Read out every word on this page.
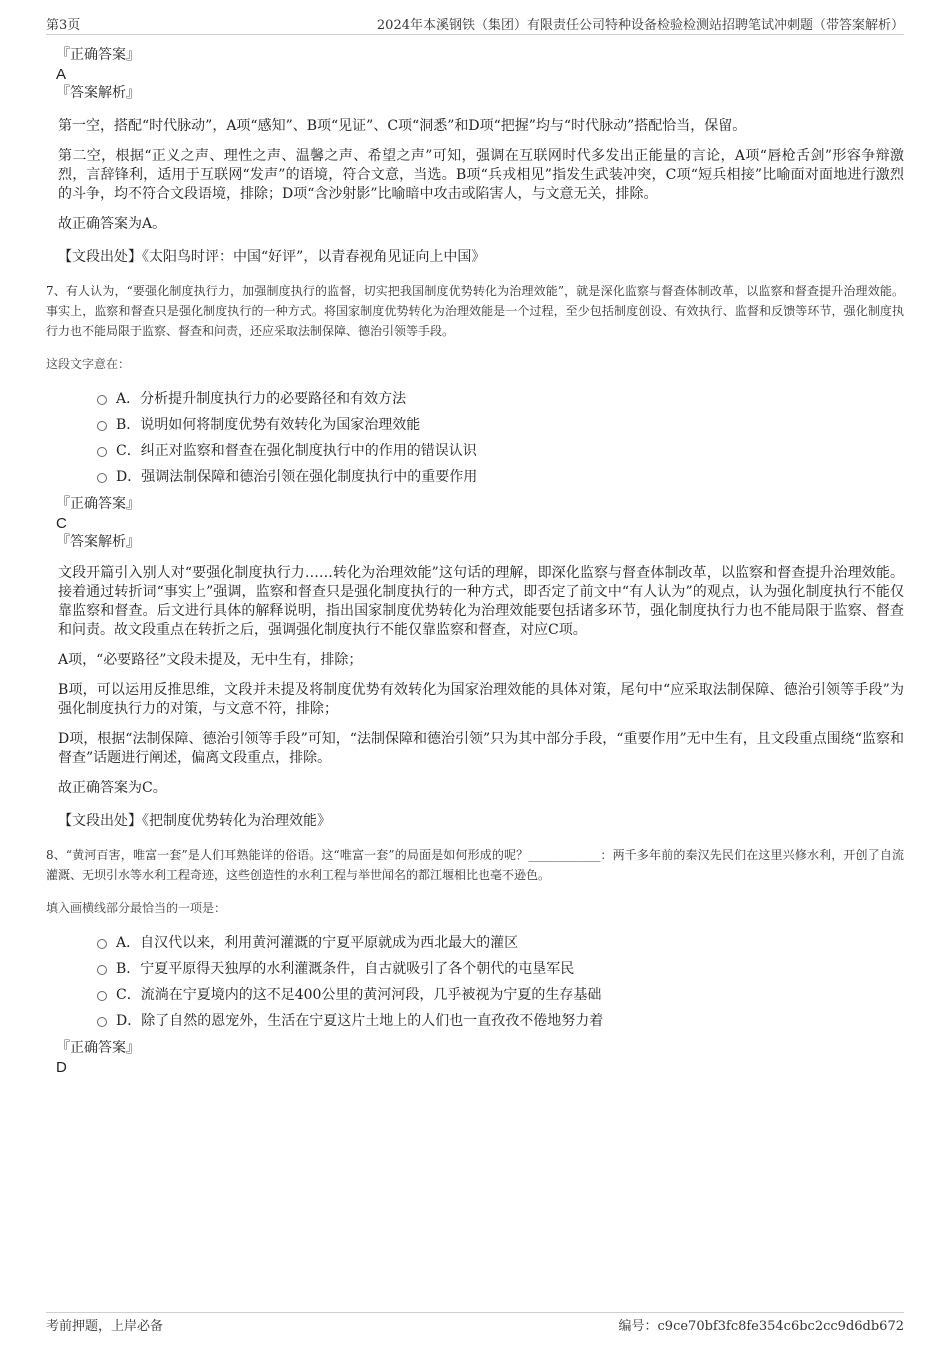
第3页	2024年本溪钢铁（集团）有限责任公司特种设备检验检测站招聘笔试冲刺题（带答案解析）
『正确答案』
A
『答案解析』

第一空，搭配“时代脉动”，A项“感知”、B项“见证”、C项“洞悉”和D项“把握”均与“时代脉动”搭配恰当，保留。

第二空，根据“正义之声、理性之声、温馨之声、希望之声”可知，强调在互联网时代多发出正能量的言论，A项“唇枪舌剑”形容争辩激烈，言辞锋利，适用于互联网“发声”的语境，符合文意，当选。B项“兵戎相见”指发生武装冲突，C项“短兵相接”比喻面对面地进行激烈的斗争，均不符合文段语境，排除；D项“含沙射影”比喻暗中攻击或陷害人，与文意无关，排除。

故正确答案为A。

【文段出处】《太阳鸟时评：中国“好评”，以青春视角见证向上中国》

7、有人认为，“要强化制度执行力，加强制度执行的监督，切实把我国制度优势转化为治理效能”，就是深化监察与督查体制改革，以监察和督查提升治理效能。事实上，监察和督查只是强化制度执行的一种方式。将国家制度优势转化为治理效能是一个过程，至少包括制度创设、有效执行、监督和反馈等环节，强化制度执行力也不能局限于监察、督查和问责，还应采取法制保障、德治引领等手段。

这段文字意在：

A．分析提升制度执行力的必要路径和有效方法
B．说明如何将制度优势有效转化为国家治理效能
C．纠正对监察和督查在强化制度执行中的作用的错误认识
D．强调法制保障和德治引领在强化制度执行中的重要作用
『正确答案』
C
『答案解析』

文段开篇引入别人对“要强化制度执行力……转化为治理效能”这句话的理解，即深化监察与督查体制改革，以监察和督查提升治理效能。接着通过转折词“事实上”强调，监察和督查只是强化制度执行的一种方式，即否定了前文中“有人认为”的观点，认为强化制度执行不能仅靠监察和督查。后文进行具体的解释说明，指出国家制度优势转化为治理效能要包括诸多环节，强化制度执行力也不能局限于监察、督查和问责。故文段重点在转折之后，强调强化制度执行不能仅靠监察和督查，对应C项。

A项，“必要路径”文段未提及，无中生有，排除；

B项，可以运用反推思维，文段并未提及将制度优势有效转化为国家治理效能的具体对策，尾句中“应采取法制保障、德治引领等手段”为强化制度执行力的对策，与文意不符，排除；

D项，根据“法制保障、德治引领等手段”可知，“法制保障和德治引领”只为其中部分手段，“重要作用”无中生有，且文段重点围绕“监察和督查”话题进行阐述，偏离文段重点，排除。

故正确答案为C。

【文段出处】《把制度优势转化为治理效能》

8、“黄河百害，唯富一套”是人们耳熟能详的俗语。这“唯富一套”的局面是如何形成的呢？____________：两千多年前的秦汉先民们在这里兴修水利，开创了自流灌溉、无坝引水等水利工程奇迹，这些创造性的水利工程与举世闻名的都江堰相比也毫不逊色。

填入画横线部分最恰当的一项是：

A．自汉代以来，利用黄河灌溉的宁夏平原就成为西北最大的灌区
B．宁夏平原得天独厚的水利灌溉条件，自古就吸引了各个朝代的屯垦军民
C．流淌在宁夏境内的这不足400公里的黄河河段，几乎被视为宁夏的生存基础
D．除了自然的恩宠外，生活在宁夏这片土地上的人们也一直孜孜不倦地努力着
『正确答案』
D
考前押题，上岸必备	编号：c9ce70bf3fc8fe354c6bc2cc9d6db672
